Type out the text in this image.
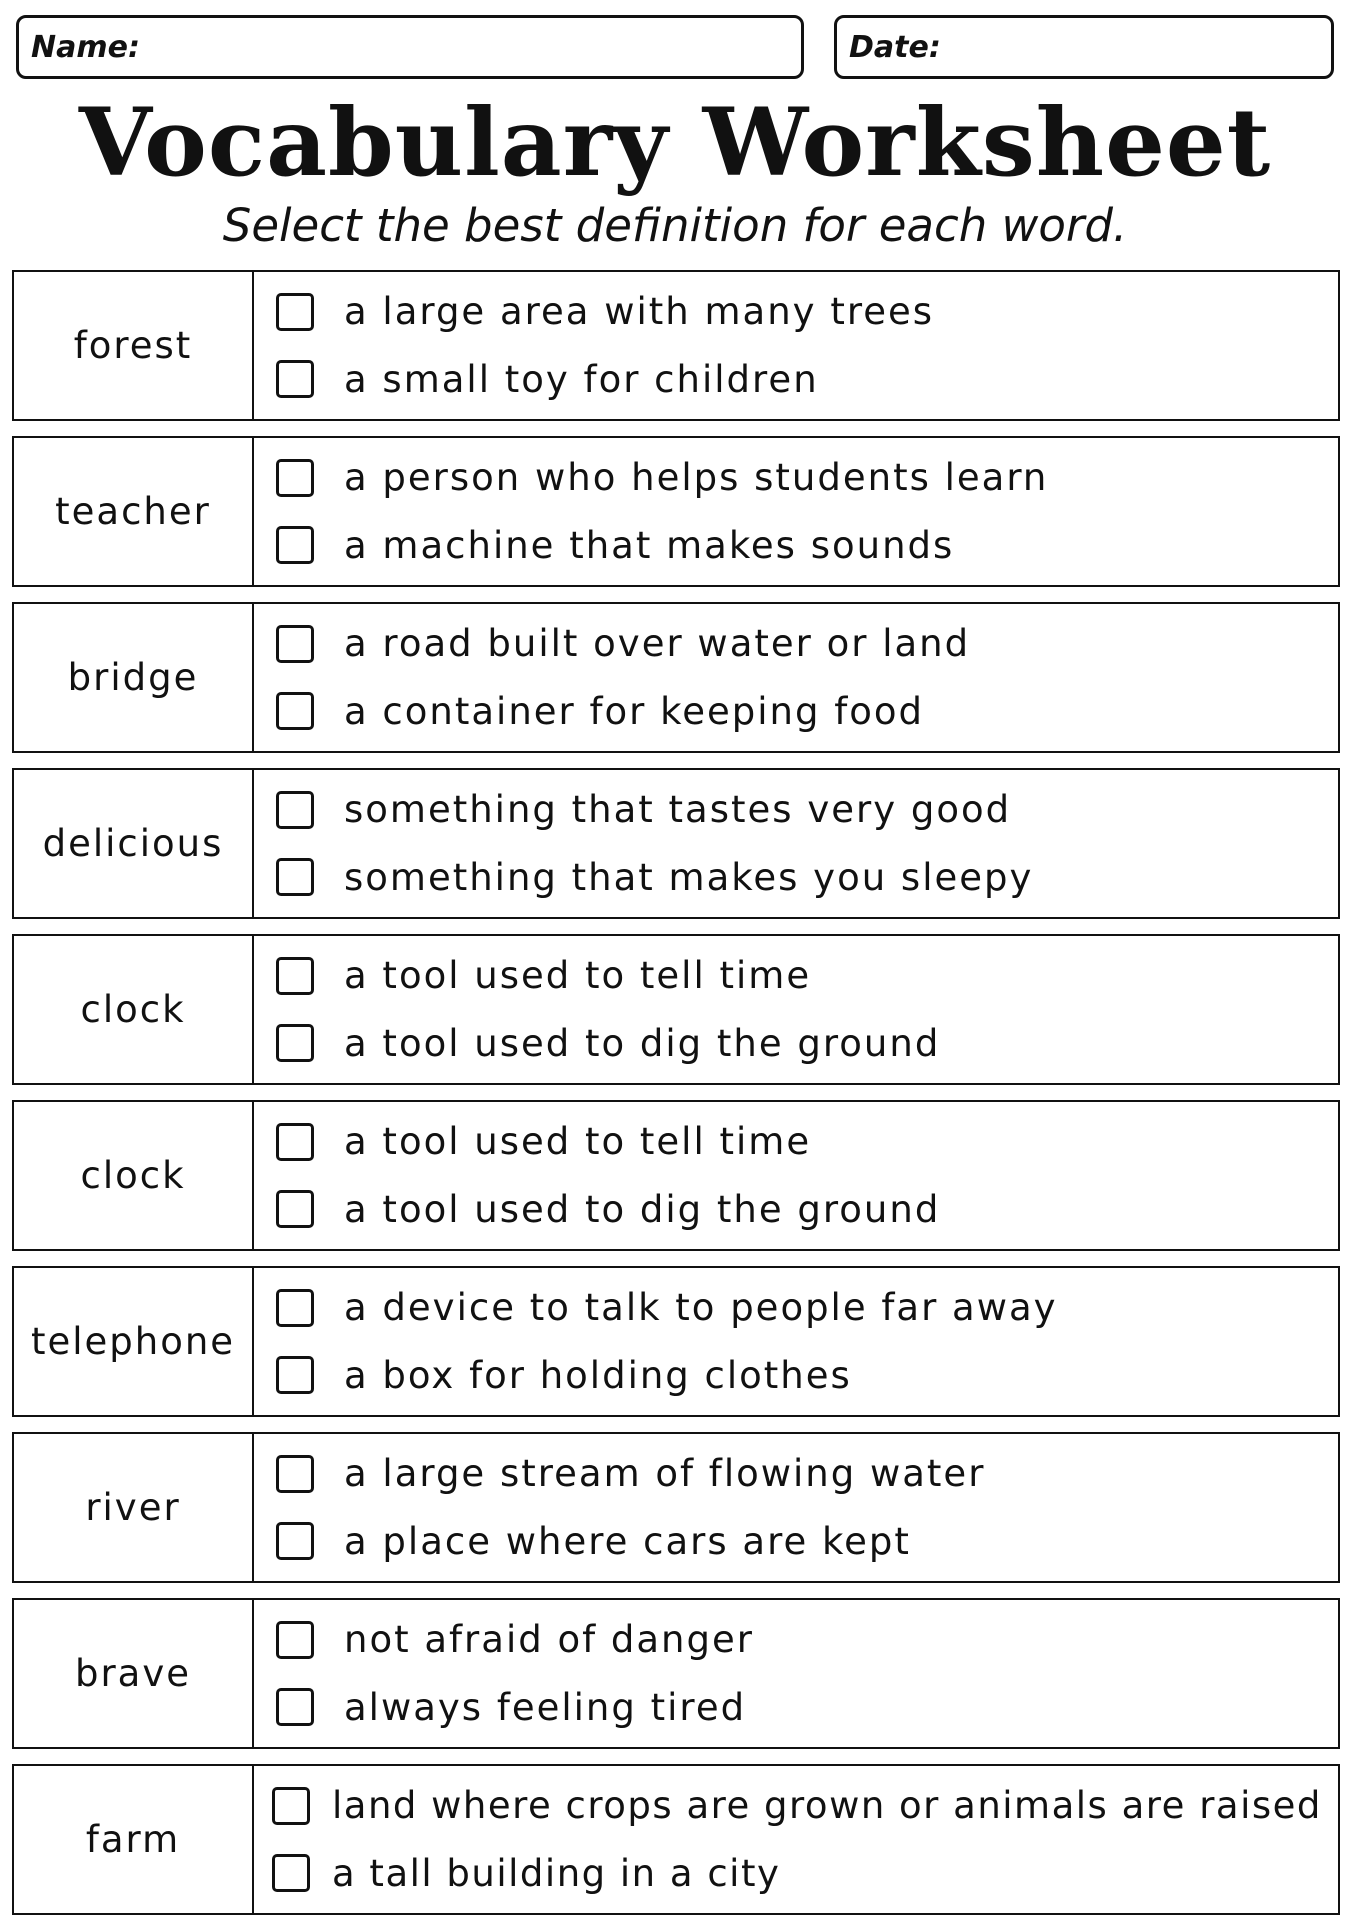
Name:	Date:
Vocabulary Worksheet
Select the best definition for each word.
forest
a large area with many trees
a small toy for children
teacher
a person who helps students learn
a machine that makes sounds
bridge
a road built over water or land
a container for keeping food
delicious
something that tastes very good
something that makes you sleepy
clock
a tool used to tell time
a tool used to dig the ground
clock
a tool used to tell time
a tool used to dig the ground
telephone
a device to talk to people far away
a box for holding clothes
river
a large stream of flowing water
a place where cars are kept
brave
not afraid of danger
always feeling tired
farm
land where crops are grown or animals are raised
a tall building in a city
